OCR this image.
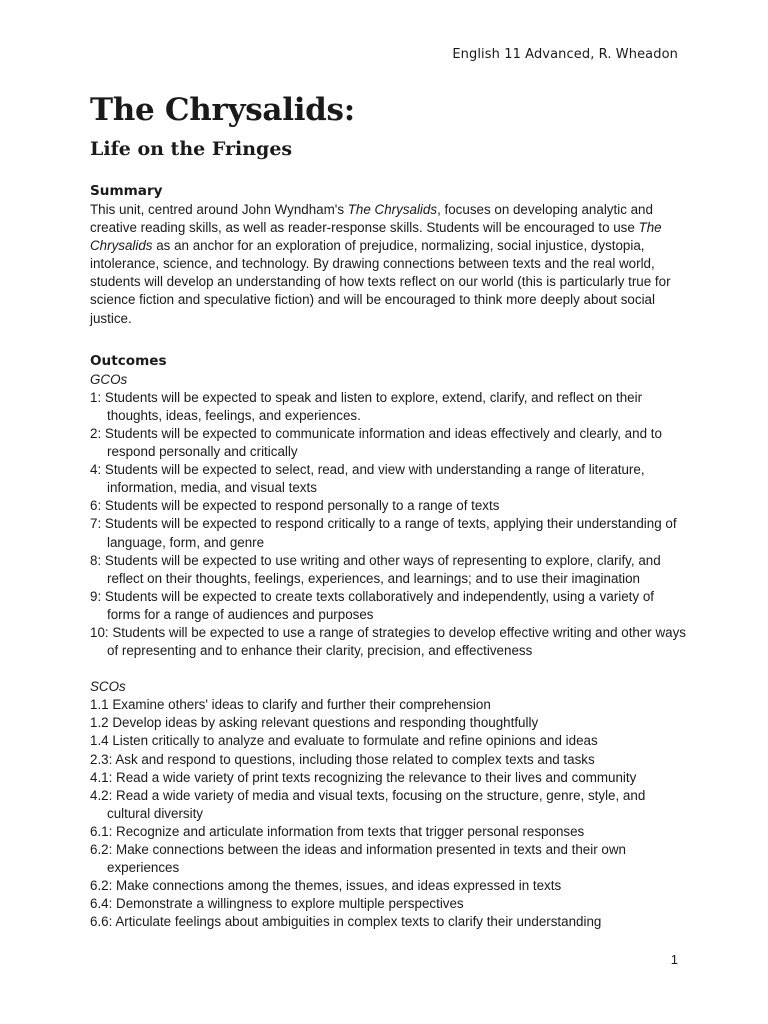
English 11 Advanced, R. Wheadon
The Chrysalids:
Life on the Fringes
Summary

This unit, centred around John Wyndham's The Chrysalids, focuses on developing analytic and creative reading skills, as well as reader-response skills. Students will be encouraged to use The Chrysalids as an anchor for an exploration of prejudice, normalizing, social injustice, dystopia, intolerance, science, and technology. By drawing connections between texts and the real world, students will develop an understanding of how texts reflect on our world (this is particularly true for science fiction and speculative fiction) and will be encouraged to think more deeply about social justice.

Outcomes
GCOs
1: Students will be expected to speak and listen to explore, extend, clarify, and reflect on their thoughts, ideas, feelings, and experiences.
2: Students will be expected to communicate information and ideas effectively and clearly, and to respond personally and critically
4: Students will be expected to select, read, and view with understanding a range of literature, information, media, and visual texts
6: Students will be expected to respond personally to a range of texts
7: Students will be expected to respond critically to a range of texts, applying their understanding of language, form, and genre
8: Students will be expected to use writing and other ways of representing to explore, clarify, and reflect on their thoughts, feelings, experiences, and learnings; and to use their imagination
9: Students will be expected to create texts collaboratively and independently, using a variety of forms for a range of audiences and purposes
10: Students will be expected to use a range of strategies to develop effective writing and other ways of representing and to enhance their clarity, precision, and effectiveness
SCOs
1.1 Examine others' ideas to clarify and further their comprehension
1.2 Develop ideas by asking relevant questions and responding thoughtfully
1.4 Listen critically to analyze and evaluate to formulate and refine opinions and ideas
2.3: Ask and respond to questions, including those related to complex texts and tasks
4.1: Read a wide variety of print texts recognizing the relevance to their lives and community
4.2: Read a wide variety of media and visual texts, focusing on the structure, genre, style, and cultural diversity
6.1: Recognize and articulate information from texts that trigger personal responses
6.2: Make connections between the ideas and information presented in texts and their own experiences
6.2: Make connections among the themes, issues, and ideas expressed in texts
6.4: Demonstrate a willingness to explore multiple perspectives
6.6: Articulate feelings about ambiguities in complex texts to clarify their understanding
1
